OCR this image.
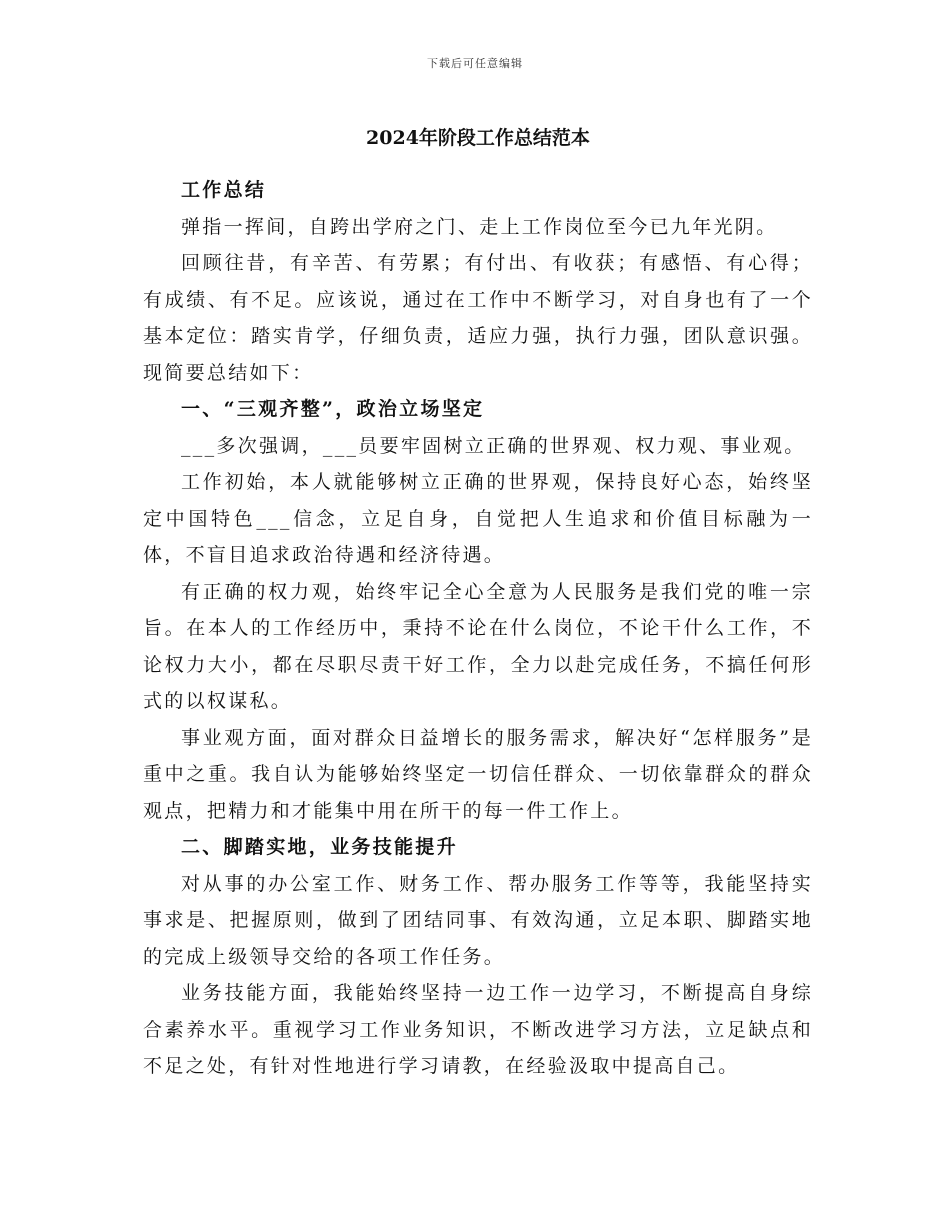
下载后可任意编辑
2024年阶段工作总结范本

工作总结

弹指一挥间，自跨出学府之门、走上工作岗位至今已九年光阴。

回顾往昔，有辛苦、有劳累；有付出、有收获；有感悟、有心得；有成绩、有不足。应该说，通过在工作中不断学习，对自身也有了一个基本定位：踏实肯学，仔细负责，适应力强，执行力强，团队意识强。现简要总结如下：

一、“三观齐整”，政治立场坚定

___多次强调，___员要牢固树立正确的世界观、权力观、事业观。

工作初始，本人就能够树立正确的世界观，保持良好心态，始终坚定中国特色___信念，立足自身，自觉把人生追求和价值目标融为一体，不盲目追求政治待遇和经济待遇。

有正确的权力观，始终牢记全心全意为人民服务是我们党的唯一宗旨。在本人的工作经历中，秉持不论在什么岗位，不论干什么工作，不论权力大小，都在尽职尽责干好工作，全力以赴完成任务，不搞任何形式的以权谋私。

事业观方面，面对群众日益增长的服务需求，解决好“怎样服务”是重中之重。我自认为能够始终坚定一切信任群众、一切依靠群众的群众观点，把精力和才能集中用在所干的每一件工作上。

二、脚踏实地，业务技能提升

对从事的办公室工作、财务工作、帮办服务工作等等，我能坚持实事求是、把握原则，做到了团结同事、有效沟通，立足本职、脚踏实地的完成上级领导交给的各项工作任务。

业务技能方面，我能始终坚持一边工作一边学习，不断提高自身综合素养水平。重视学习工作业务知识，不断改进学习方法，立足缺点和不足之处，有针对性地进行学习请教，在经验汲取中提高自己。
